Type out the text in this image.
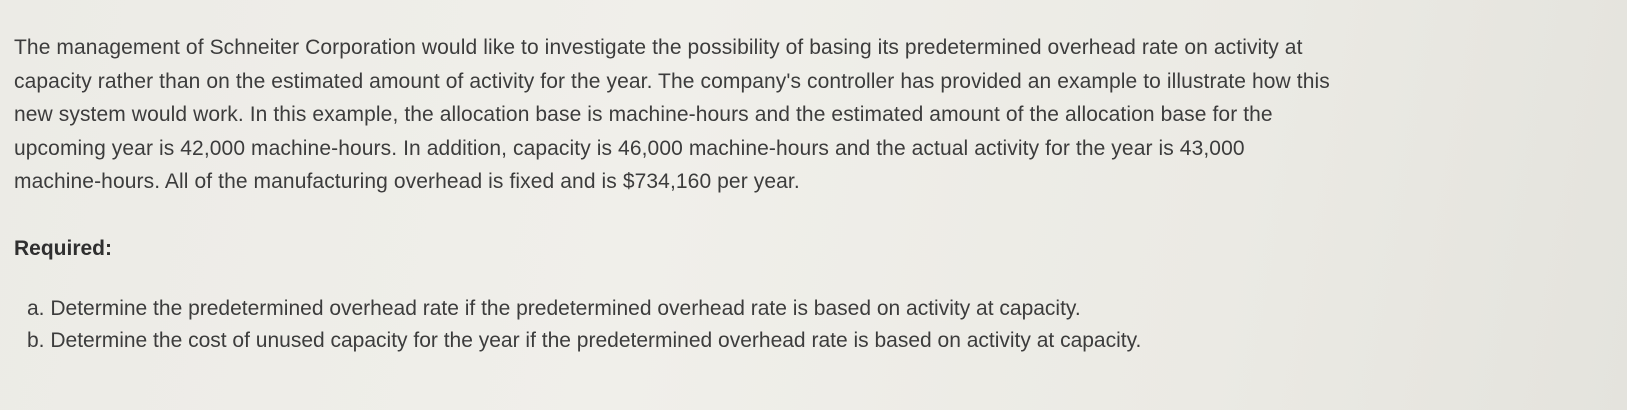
The management of Schneiter Corporation would like to investigate the possibility of basing its predetermined overhead rate on activity at
capacity rather than on the estimated amount of activity for the year. The company's controller has provided an example to illustrate how this
new system would work. In this example, the allocation base is machine-hours and the estimated amount of the allocation base for the
upcoming year is 42,000 machine-hours. In addition, capacity is 46,000 machine-hours and the actual activity for the year is 43,000
machine-hours. All of the manufacturing overhead is fixed and is $734,160 per year.

Required:
a. Determine the predetermined overhead rate if the predetermined overhead rate is based on activity at capacity.
b. Determine the cost of unused capacity for the year if the predetermined overhead rate is based on activity at capacity.
